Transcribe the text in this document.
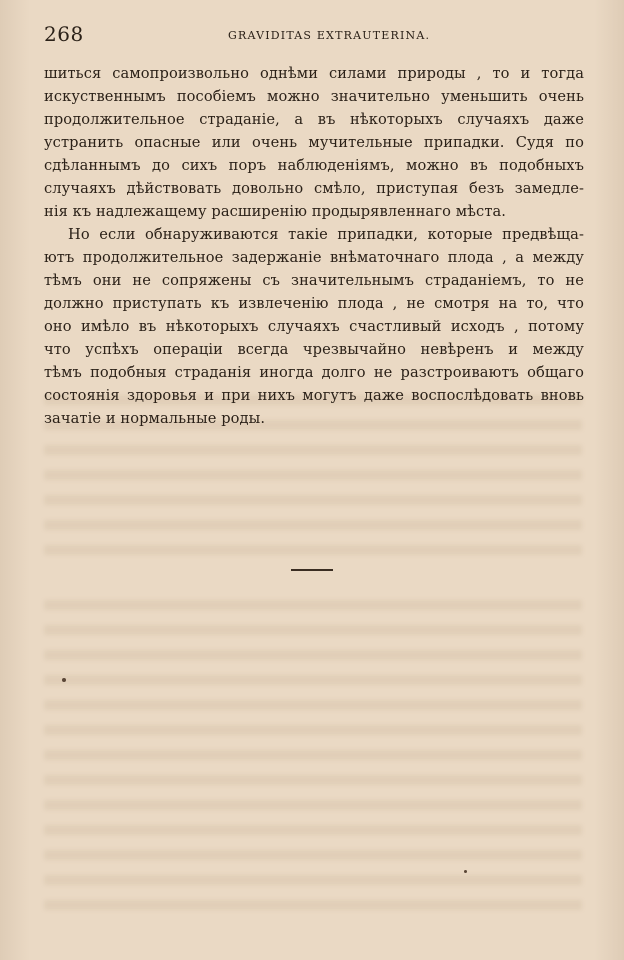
268	GRAVIDITAS EXTRAUTERINA.
шиться самопроизвольно однѣми силами природы , то и тогда
искуственнымъ пособіемъ можно значительно уменьшить очень
продолжительное страданіе, а въ нѣкоторыхъ случаяхъ даже
устранить опасные или очень мучительные припадки. Судя по
сдѣланнымъ до сихъ поръ наблюденіямъ, можно въ подобныхъ
случаяхъ дѣйствовать довольно смѣло, приступая безъ замедле-
нія къ надлежащему расширенію продырявленнаго мѣста.
Но если обнаруживаются такіе припадки, которые предвѣща-
ютъ продолжительное задержаніе внѣматочнаго плода , а между
тѣмъ они не сопряжены съ значительнымъ страданіемъ, то не
должно приступать къ извлеченію плода , не смотря на то, что
оно имѣло въ нѣкоторыхъ случаяхъ счастливый исходъ , потому
что успѣхъ операціи всегда чрезвычайно невѣренъ и между
тѣмъ подобныя страданія иногда долго не разстроиваютъ общаго
состоянія здоровья и при нихъ могутъ даже воспослѣдовать вновь
зачатіе и нормальные роды.
